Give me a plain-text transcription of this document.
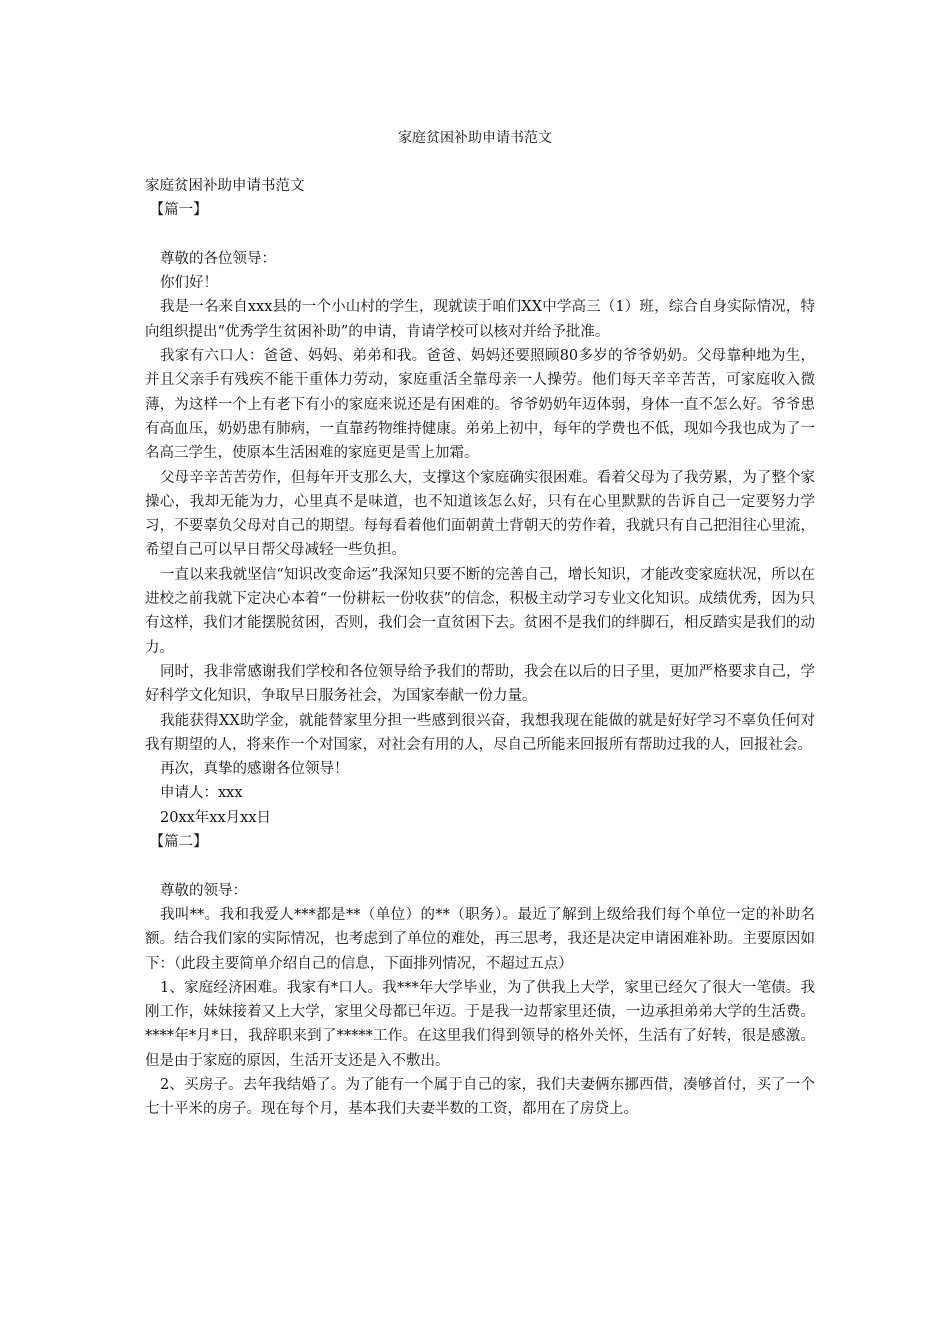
家庭贫困补助申请书范文

家庭贫困补助申请书范文

【篇一】

尊敬的各位领导：

你们好！

我是一名来自xxx县的一个小山村的学生，现就读于咱们XX中学高三（1）班，综合自身实际情况，特向组织提出“优秀学生贫困补助”的申请，肯请学校可以核对并给予批准。

我家有六口人：爸爸、妈妈、弟弟和我。爸爸、妈妈还要照顾80多岁的爷爷奶奶。父母靠种地为生，并且父亲手有残疾不能干重体力劳动，家庭重活全靠母亲一人操劳。他们每天辛辛苦苦，可家庭收入微薄，为这样一个上有老下有小的家庭来说还是有困难的。爷爷奶奶年迈体弱，身体一直不怎么好。爷爷患有高血压，奶奶患有肺病，一直靠药物维持健康。弟弟上初中，每年的学费也不低，现如今我也成为了一名高三学生，使原本生活困难的家庭更是雪上加霜。

父母辛辛苦苦劳作，但每年开支那么大，支撑这个家庭确实很困难。看着父母为了我劳累，为了整个家操心，我却无能为力，心里真不是味道，也不知道该怎么好，只有在心里默默的告诉自己一定要努力学习，不要辜负父母对自己的期望。每每看着他们面朝黄土背朝天的劳作着，我就只有自己把泪往心里流，希望自己可以早日帮父母减轻一些负担。

一直以来我就坚信“知识改变命运”我深知只要不断的完善自己，增长知识，才能改变家庭状况，所以在进校之前我就下定决心本着“一份耕耘一份收获”的信念，积极主动学习专业文化知识。成绩优秀，因为只有这样，我们才能摆脱贫困，否则，我们会一直贫困下去。贫困不是我们的绊脚石，相反踏实是我们的动力。

同时，我非常感谢我们学校和各位领导给予我们的帮助，我会在以后的日子里，更加严格要求自己，学好科学文化知识，争取早日服务社会，为国家奉献一份力量。

我能获得XX助学金，就能替家里分担一些感到很兴奋，我想我现在能做的就是好好学习不辜负任何对我有期望的人，将来作一个对国家，对社会有用的人，尽自己所能来回报所有帮助过我的人，回报社会。

再次，真挚的感谢各位领导！

申请人：xxx

20xx年xx月xx日

【篇二】

尊敬的领导：

我叫**。我和我爱人***都是**（单位）的**（职务）。最近了解到上级给我们每个单位一定的补助名额。结合我们家的实际情况，也考虑到了单位的难处，再三思考，我还是决定申请困难补助。主要原因如下：（此段主要简单介绍自己的信息，下面排列情况，不超过五点）

1、家庭经济困难。我家有*口人。我***年大学毕业，为了供我上大学，家里已经欠了很大一笔债。我刚工作，妹妹接着又上大学，家里父母都已年迈。于是我一边帮家里还债，一边承担弟弟大学的生活费。****年*月*日，我辞职来到了*****工作。在这里我们得到领导的格外关怀，生活有了好转，很是感激。但是由于家庭的原因，生活开支还是入不敷出。

2、买房子。去年我结婚了。为了能有一个属于自己的家，我们夫妻俩东挪西借，凑够首付，买了一个七十平米的房子。现在每个月，基本我们夫妻半数的工资，都用在了房贷上。
